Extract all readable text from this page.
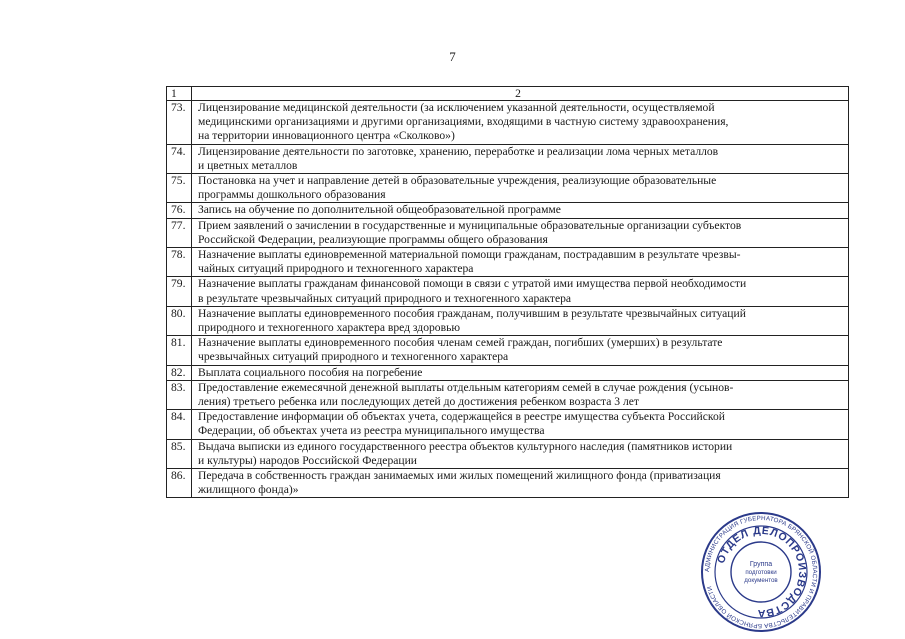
7
1	2
73.	Лицензирование медицинской деятельности (за исключением указанной деятельности, осуществляемой
медицинскими организациями и другими организациями, входящими в частную систему здравоохранения,
на территории инновационного центра «Сколково»)

74.	Лицензирование деятельности по заготовке, хранению, переработке и реализации лома черных металлов
и цветных металлов

75.	Постановка на учет и направление детей в образовательные учреждения, реализующие образовательные
программы дошкольного образования

76.	Запись на обучение по дополнительной общеобразовательной программе

77.	Прием заявлений о зачислении в государственные и муниципальные образовательные организации субъектов
Российской Федерации, реализующие программы общего образования

78.	Назначение выплаты единовременной материальной помощи гражданам, пострадавшим в результате чрезвы-
чайных ситуаций природного и техногенного характера

79.	Назначение выплаты гражданам финансовой помощи в связи с утратой ими имущества первой необходимости
в результате чрезвычайных ситуаций природного и техногенного характера

80.	Назначение выплаты единовременного пособия гражданам, получившим в результате чрезвычайных ситуаций
природного и техногенного характера вред здоровью

81.	Назначение выплаты единовременного пособия членам семей граждан, погибших (умерших) в результате
чрезвычайных ситуаций природного и техногенного характера

82.	Выплата социального пособия на погребение

83.	Предоставление ежемесячной денежной выплаты отдельным категориям семей в случае рождения (усынов-
ления) третьего ребенка или последующих детей до достижения ребенком возраста 3 лет

84.	Предоставление информации об объектах учета, содержащейся в реестре имущества субъекта Российской
Федерации, об объектах учета из реестра муниципального имущества

85.	Выдача выписки из единого государственного реестра объектов культурного наследия (памятников истории
и культуры) народов Российской Федерации

86.	Передача в собственность граждан занимаемых ими жилых помещений жилищного фонда (приватизация
жилищного фонда)»
АДМИНИСТРАЦИЯ ГУБЕРНАТОРА БРЯНСКОЙ ОБЛАСТИ И ПРАВИТЕЛЬСТВА БРЯНСКОЙ ОБЛАСТИ
ОТДЕЛ ДЕЛОПРОИЗВОДСТВА
Группа
подготовки
документов
